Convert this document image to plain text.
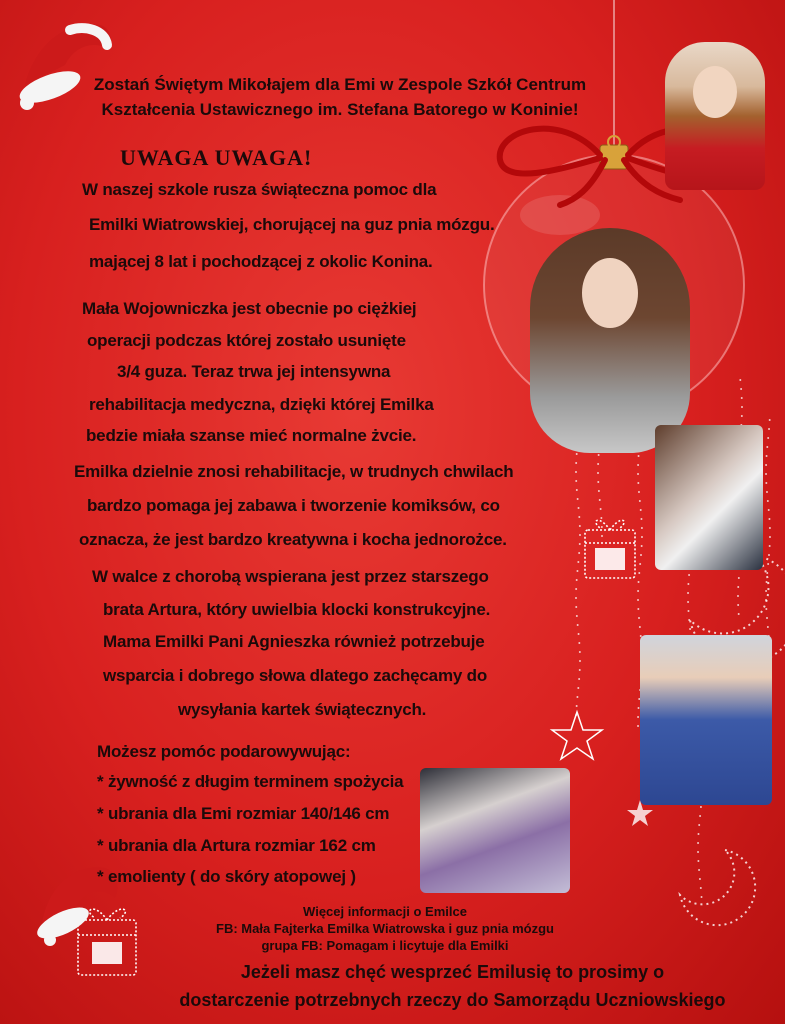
Zostań Świętym Mikołajem dla Emi w Zespole Szkół Centrum
Kształcenia Ustawicznego im. Stefana Batorego w Koninie!
UWAGA UWAGA!
W naszej szkole rusza świąteczna pomoc dla
Emilki Wiatrowskiej, chorującej na guz pnia mózgu.
mającej 8 lat i pochodzącej z okolic Konina.
Mała Wojowniczka jest obecnie po ciężkiej
operacji podczas której zostało usunięte
3/4 guza. Teraz trwa jej intensywna
rehabilitacja medyczna, dzięki której Emilka
bedzie miała szanse mieć normalne żvcie.
Emilka dzielnie znosi rehabilitacje, w trudnych chwilach
bardzo pomaga jej zabawa i tworzenie komiksów, co
oznacza, że jest bardzo kreatywna i kocha jednorożce.
W walce z chorobą wspierana jest przez starszego
brata Artura, który uwielbia klocki konstrukcyjne.
Mama Emilki Pani Agnieszka również potrzebuje
wsparcia i dobrego słowa dlatego zachęcamy do
wysyłania kartek świątecznych.
Możesz pomóc podarowywując:
* żywność z długim terminem spożycia
* ubrania dla Emi rozmiar 140/146 cm
* ubrania dla Artura rozmiar 162 cm
* emolienty ( do skóry atopowej )
Więcej informacji o Emilce
FB: Mała Fajterka Emilka Wiatrowska i guz pnia mózgu
grupa FB: Pomagam i licytuje dla Emilki
Jeżeli masz chęć wesprzeć Emilusię to prosimy o
dostarczenie potrzebnych rzeczy do Samorządu Uczniowskiego
